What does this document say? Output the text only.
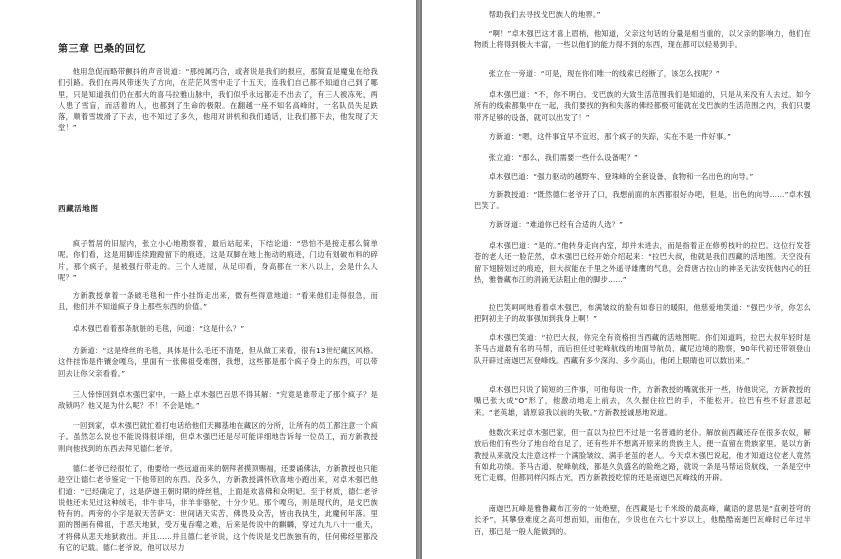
第三章 巴桑的回忆

他用急促而略带颤抖的声音说道：“那纯属巧合，或者说是我们的报应，那简直是魔鬼在给我们引路。我们在再风带迷失了方向，在茫茫风雪中走了十五天，连我们自己都不知道自己到了哪里，只是知道我们仍在那大的喜马拉雅山脉中，我们似乎永远都走不出去了，有三人被冻死，两人患了雪盲，而活着的人，也都到了生命的极限。在翻越一座不知名高峰时，一名队员失足跌落，顺着雪坡滑了下去，也不知过了多久，他用对讲机和我们通话，让我们都下去，他发现了天堂！”

西藏活地图

疯子暂居的旧屋内，张立小心地勘察着，最后站起来，下结论道：“恐怕不是接走那么简单呢。你们看，这是用脚连续蹬蹬留下的痕迹，这是双脚在地上拖动的痕迹，门边有划破布料的碎片，那个疯子，是被强行带走的。三个人进屋，从足印看，身高都在一米八以上，会是什么人呢？”

方新教授拿着一条破毛毯和一件小挂饰走出来，微有些得意地道：“看来他们走得很急，而且，他们并不知道疯子身上那些东西的价值。”

卓木强巴看着那条肮脏的毛毯，问道：“这是什么？”

方新道：“这是绛丝的毛毯，具体是什么毛还不清楚，但从做工来看，很有13世纪藏区风格。这件挂饰是件镶金嘎乌，里面有一张佛祖受难图，我想，这些都是那个疯子身上的东西，可以带回去让你父亲看看。”

三人悻悻回到卓木强巴家中，一路上卓木强巴百思不得其解：“究竟是谁带走了那个疯子？是敌锁吗？他又是为什么呢？不！不会是她。”

一回到家，卓木强巴就忙着打电话给他们天狮基地在藏区的分所，让所有的员工都注意一个疯子。虽然怎么说也不能说得很详细，但卓木强巴还是尽可能详细地告诉每一位员工，而方新教授则向他找到的东西去拜见德仁老爷。

德仁老爷已经很忙了，他要给一些远道而来的朝拜者摸顶赐福，还要诵佛法，方新教授也只能趁空让德仁老爷鉴定一下他带回的东西。没多久，方新教授满怀欣喜地小跑出来，对卓木强巴他们道：“已经确定了，这是萨迦王朝时期的绛丝毯，上面是欢喜佛和众明妃。至于材质，德仁老爷说他还未见过这种绒毛，非牛非马，非羊非骆驼，十分少见。那个嘎乌，则是现代的，是戈巴族特有的。两旁的小字是叙天苦萨文：世间诸天实苦，佛畏及众苦，皆由我执生，此魔何年落。里面的图画有佛祖，于恶天地狱，受万鬼吞噬之难，后来是传说中的麒麟，穿过九九八十一重天，才将佛从悲天地狱救出。并且……并且德仁老爷说，这个传说是戈巴族独有的，任何佛经里都没有它的记载。德仁老爷说，他可以尽力

帮助我们去寻找戈巴族人的地界。”

“啊！”卓木强巴这才喜上眉梢，他知道，父亲这句话的分量是相当重的，以父亲的影响力，他们在物质上将得到极大丰富，一些以他们的能力得不到的东西，现在都可以轻易到手。

张立在一旁道：“可是，现在你们唯一的线索已经断了，该怎么找呢？”

卓木强巴道：“不，你不明白。戈巴族的大致生活范围我们是知道的，只是从来没有人去过。如今所有的线索都集中在一起，我们要找的狗和失落的佛经都极可能就在戈巴族的生活范围之内，我们只要带齐足够的设备，就可以出发了！”

方新道：“嗯，这件事宜早不宜迟，那个疯子的失踪，实在不是一件好事。”

张立道：“那么，我们需要一些什么设备呢？”

卓木强巴道：“强力驱动的越野车、登珠峰的全套设备、食物和一名出色的向导。”

方新教授道：“既然德仁老爷开了口，我想前面的东西都很好办吧，但是，出色的向导……”卓木强巴笑了。

方新讶道：“难道你已经有合适的人选？”

卓木强巴道：“是的。”他转身走向内室，却并未进去，而是指着正在修剪枝叶的拉巴。这位行发苍苍的老人还一脸茫然，卓木强巴已经开始介绍起来：“拉巴大叔，他就是我们西藏的活地图。天空没有留下翅膀划过的痕迹，但大叔能在千里之外遥寻雄鹰的气息，会背唐古拉山的神圣无法安抚他内心的狂热，雅鲁藏布江的涓涌无法阻止他的脚步……”

拉巴笑呵呵地看着卓木强巴，布满皱纹的脸有如春日的暖阳，他慈爱地笑道：“强巴少爷，你怎么把阿初主子的故事强加到我身上啊！”

卓木强巴笑道：“拉巴大叔，你完全有资格担当西藏的活地图呢。你们知道吗，拉巴大叔年轻时是茶马古道最有名的马帮，而后担任过驼峰航线的地面导航员、藏尼边境的勘察，90年代初还带领登山队开辟过南迦巴瓦登峰线。西藏有多少深沟、多少高山，他闭上眼睛也可以数出来。”

卓木强巴只说了简短的三件事，可他每说一件，方新教授的嘴就张开一些，待他说完，方新教授的嘴已张大成“O”形了，他激动地走上前去，久久握住拉巴的手，不能松开。拉巴有些不好意思起来。“老英雄，请原谅我以前的失敬。”方新教授诚恳地说道。

他数次来过卓木强巴家，但一直以为拉巴不过是一名普通的老仆。解放前西藏还存在很多农奴，解放后他们有些分了地自给自足了，还有些并不想离开原来的贵族主人，便一直留在贵族家里。是以方新教授从来就没太注意这样一个满脸皱纹、满手老茧的老人。今天卓木强巴说起，他才知道这位老人竟然有如此功绩。茶马古道、驼峰航线，都是久负盛名的险绝之路，就说一条是马帮运货航线，一条是空中死亡走廊，但都同样闪烁古光，西方新教授吃惊的还是南迦巴瓦峰线的开辟。

南迦巴瓦峰是雅鲁藏布江旁的一处绝壁，在西藏是七千米级的最高峰，藏语的意思是“直刺苍穹的长矛”，其攀登难度之高可想而知，而他在，少说也在六七十岁以上，他酷酷南迦巴瓦峰时已年过半百，那已是一般人能做到的。
